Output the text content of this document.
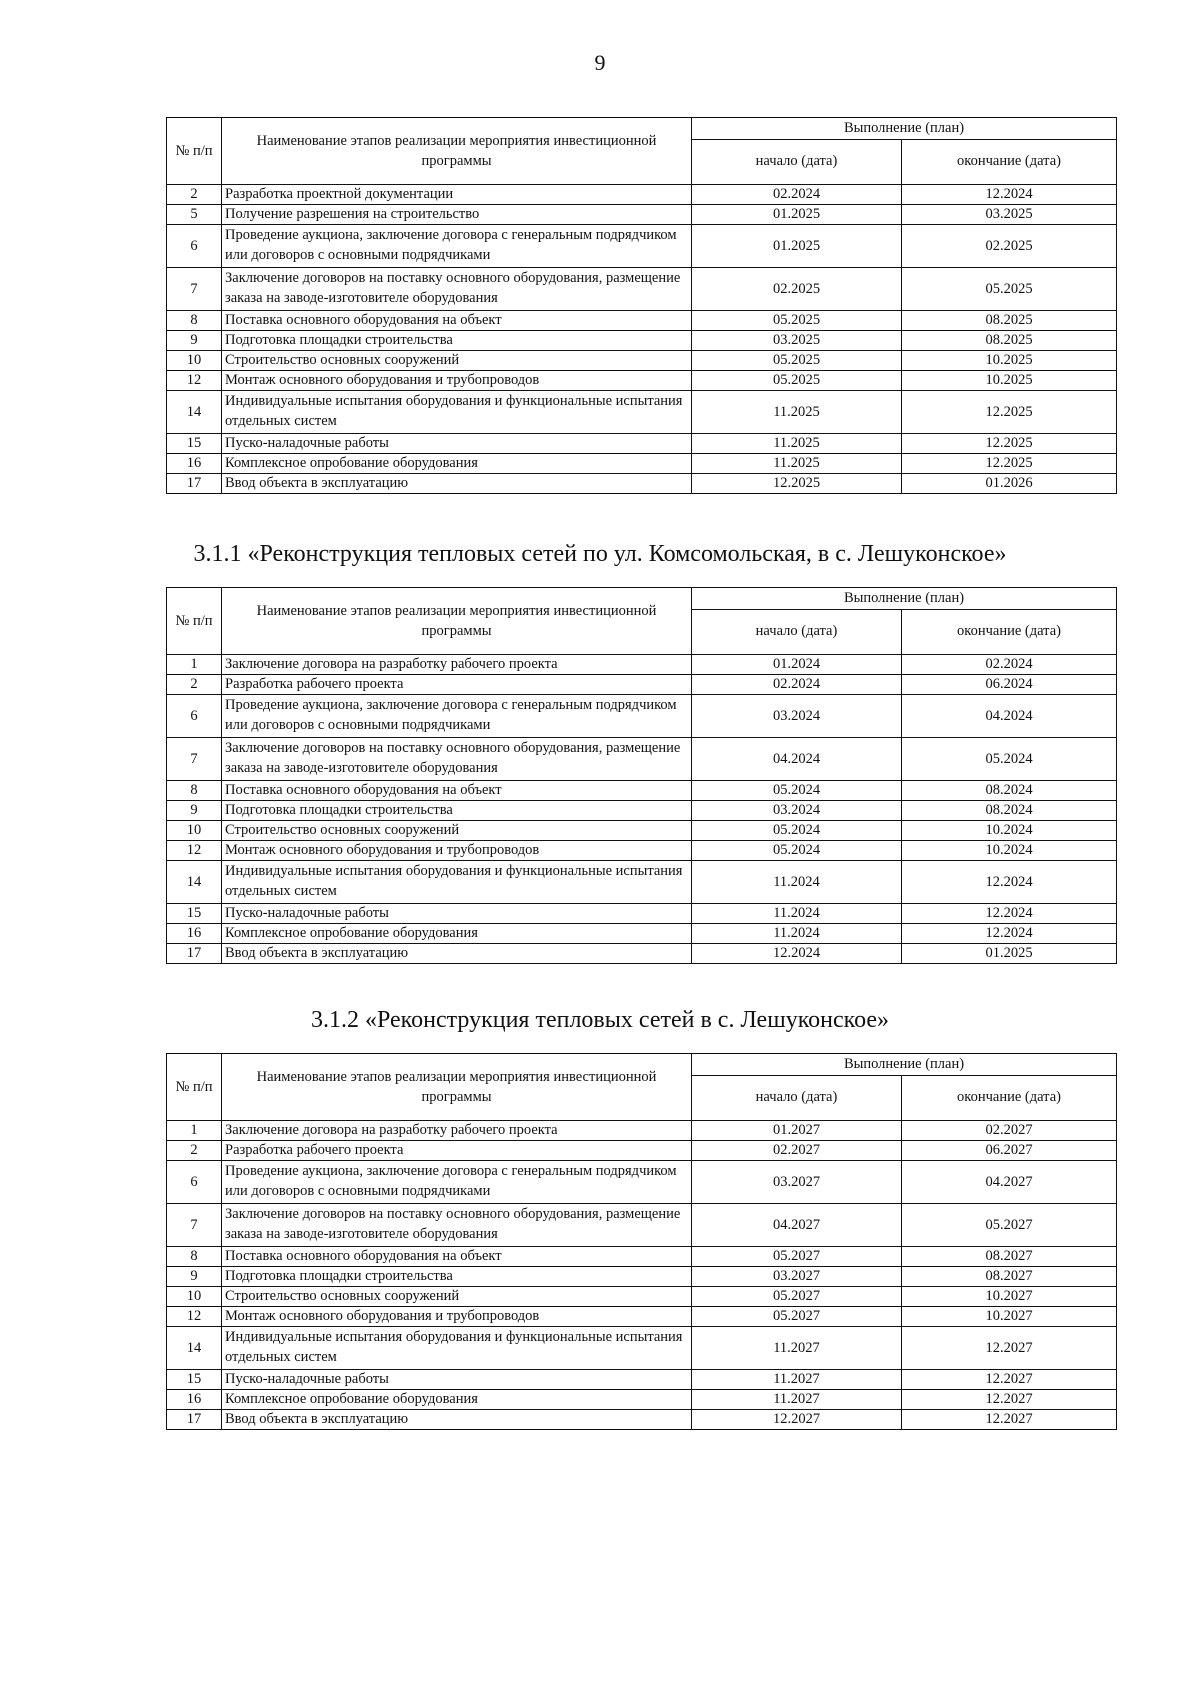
9
№ п/п	Наименование этапов реализации мероприятия инвестиционной программы	Выполнение (план)	
		начало (дата)	окончание (дата)
2	Разработка проектной документации	02.2024	12.2024
5	Получение разрешения на строительство	01.2025	03.2025
6	Проведение аукциона, заключение договора с генеральным подрядчиком или договоров с основными подрядчиками	01.2025	02.2025
7	Заключение договоров на поставку основного оборудования, размещение заказа на заводе-изготовителе оборудования	02.2025	05.2025
8	Поставка основного оборудования на объект	05.2025	08.2025
9	Подготовка площадки строительства	03.2025	08.2025
10	Строительство основных сооружений	05.2025	10.2025
12	Монтаж основного оборудования и трубопроводов	05.2025	10.2025
14	Индивидуальные испытания оборудования и функциональные испытания отдельных систем	11.2025	12.2025
15	Пуско-наладочные работы	11.2025	12.2025
16	Комплексное опробование оборудования	11.2025	12.2025
17	Ввод объекта в эксплуатацию	12.2025	01.2026
3.1.1 «Реконструкция тепловых сетей по ул. Комсомольская, в с. Лешуконское»
№ п/п	Наименование этапов реализации мероприятия инвестиционной программы	Выполнение (план)	
		начало (дата)	окончание (дата)
1	Заключение договора на разработку рабочего проекта	01.2024	02.2024
2	Разработка рабочего проекта	02.2024	06.2024
6	Проведение аукциона, заключение договора с генеральным подрядчиком или договоров с основными подрядчиками	03.2024	04.2024
7	Заключение договоров на поставку основного оборудования, размещение заказа на заводе-изготовителе оборудования	04.2024	05.2024
8	Поставка основного оборудования на объект	05.2024	08.2024
9	Подготовка площадки строительства	03.2024	08.2024
10	Строительство основных сооружений	05.2024	10.2024
12	Монтаж основного оборудования и трубопроводов	05.2024	10.2024
14	Индивидуальные испытания оборудования и функциональные испытания отдельных систем	11.2024	12.2024
15	Пуско-наладочные работы	11.2024	12.2024
16	Комплексное опробование оборудования	11.2024	12.2024
17	Ввод объекта в эксплуатацию	12.2024	01.2025
3.1.2 «Реконструкция тепловых сетей в с. Лешуконское»
№ п/п	Наименование этапов реализации мероприятия инвестиционной программы	Выполнение (план)	
		начало (дата)	окончание (дата)
1	Заключение договора на разработку рабочего проекта	01.2027	02.2027
2	Разработка рабочего проекта	02.2027	06.2027
6	Проведение аукциона, заключение договора с генеральным подрядчиком или договоров с основными подрядчиками	03.2027	04.2027
7	Заключение договоров на поставку основного оборудования, размещение заказа на заводе-изготовителе оборудования	04.2027	05.2027
8	Поставка основного оборудования на объект	05.2027	08.2027
9	Подготовка площадки строительства	03.2027	08.2027
10	Строительство основных сооружений	05.2027	10.2027
12	Монтаж основного оборудования и трубопроводов	05.2027	10.2027
14	Индивидуальные испытания оборудования и функциональные испытания отдельных систем	11.2027	12.2027
15	Пуско-наладочные работы	11.2027	12.2027
16	Комплексное опробование оборудования	11.2027	12.2027
17	Ввод объекта в эксплуатацию	12.2027	12.2027
